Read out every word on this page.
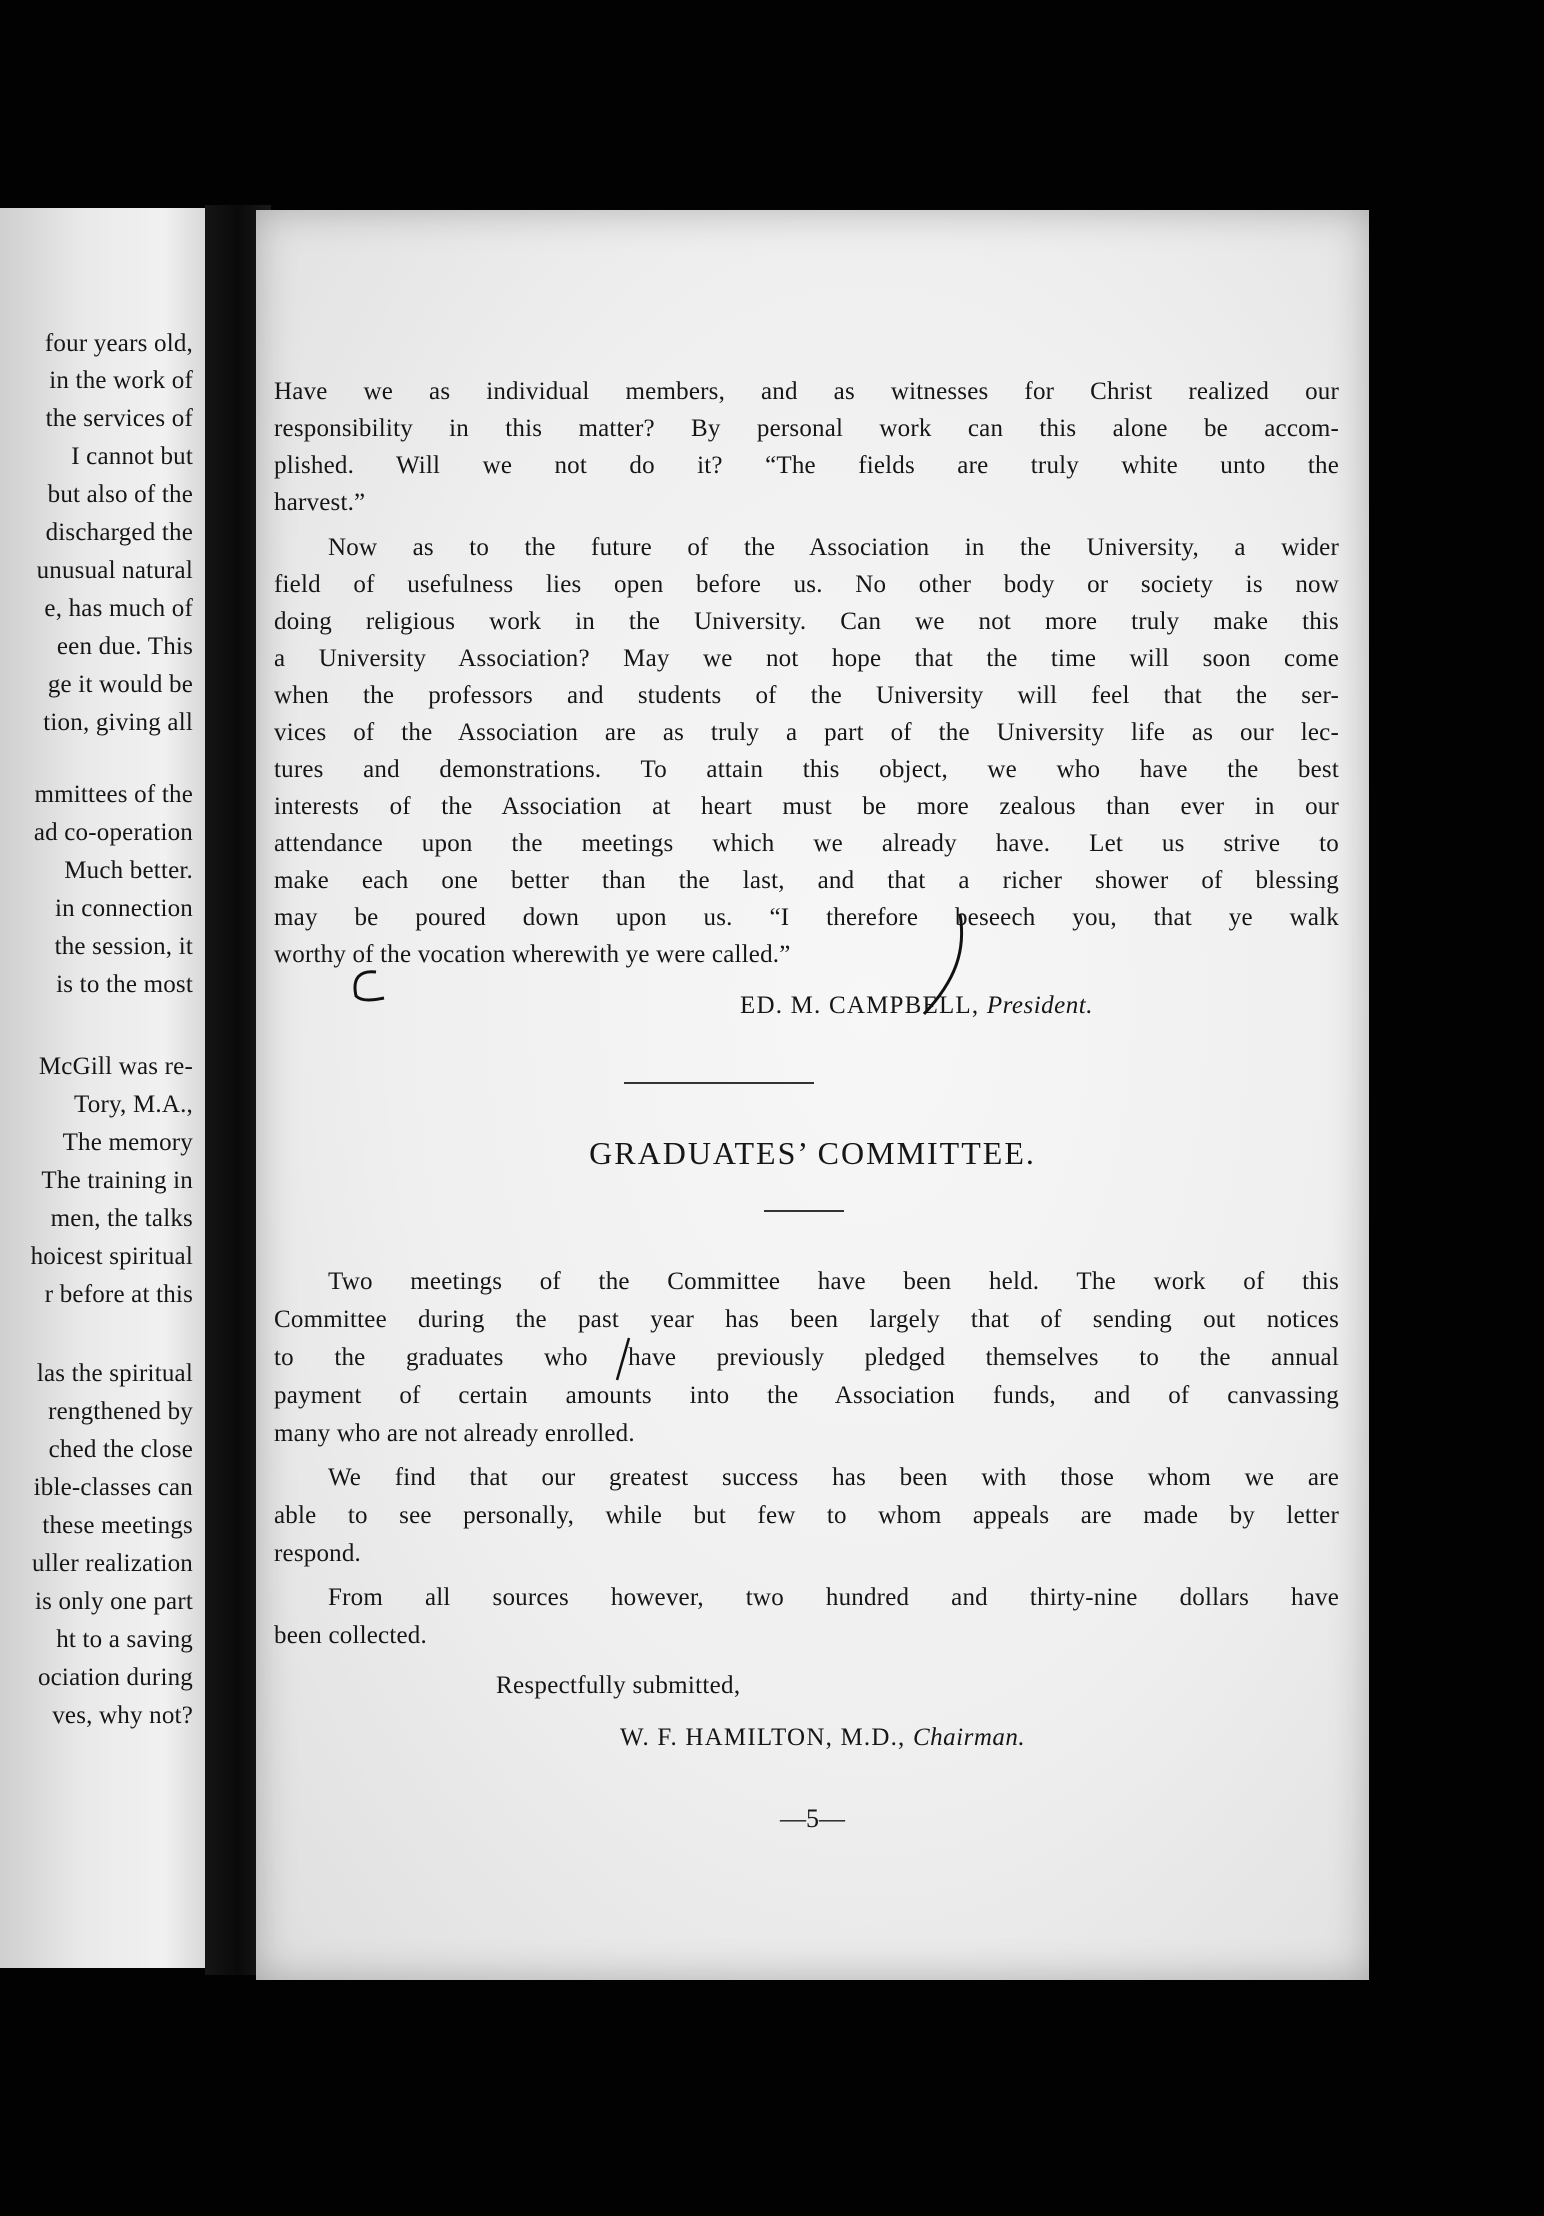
four years old,
in the work of
the services of
I cannot but
but also of the
discharged the
unusual natural
e, has much of
een due. This
ge it would be
tion, giving all
mmittees of the
ad co-operation
Much better.
in connection
the session, it
is to the most
McGill was re-
Tory, M.A.,
The memory
The training in
men, the talks
hoicest spiritual
r before at this
las the spiritual
rengthened by
ched the close
ible-classes can
these meetings
uller realization
is only one part
ht to a saving
ociation during
ves, why not?
Have we as individual members, and as witnesses for Christ realized our
responsibility in this matter? By personal work can this alone be accom-
plished. Will we not do it? “The fields are truly white unto the
harvest.”
Now as to the future of the Association in the University, a wider
field of usefulness lies open before us. No other body or society is now
doing religious work in the University. Can we not more truly make this
a University Association? May we not hope that the time will soon come
when the professors and students of the University will feel that the ser-
vices of the Association are as truly a part of the University life as our lec-
tures and demonstrations. To attain this object, we who have the best
interests of the Association at heart must be more zealous than ever in our
attendance upon the meetings which we already have. Let us strive to
make each one better than the last, and that a richer shower of blessing
may be poured down upon us. “I therefore beseech you, that ye walk
worthy of the vocation wherewith ye were called.”
ED. M. CAMPBELL, President.
GRADUATES’ COMMITTEE.
Two meetings of the Committee have been held. The work of this
Committee during the past year has been largely that of sending out notices
to the graduates who have previously pledged themselves to the annual
payment of certain amounts into the Association funds, and of canvassing
many who are not already enrolled.
We find that our greatest success has been with those whom we are
able to see personally, while but few to whom appeals are made by letter
respond.
From all sources however, two hundred and thirty-nine dollars have
been collected.
Respectfully submitted,
W. F. HAMILTON, M.D., Chairman.
—5—
